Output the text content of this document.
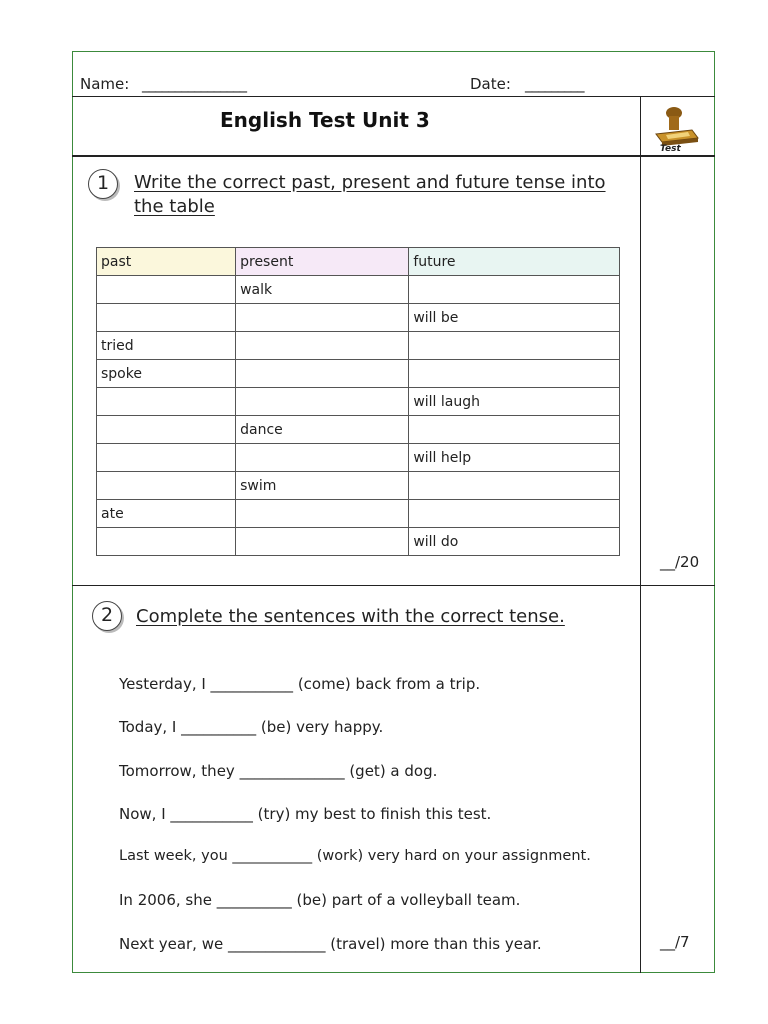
Name: ________________	Date: _________
English Test Unit 3
Test
1	Write the correct past, present and future tense into the table
past	present	future
	walk	
		will be
tried		
spoke		
		will laugh
	dance	
		will help
	swim	
ate		
		will do
__/20
2	Complete the sentences with the correct tense.
Yesterday, I ___________ (come) back from a trip.
Today, I __________ (be) very happy.
Tomorrow, they ______________ (get) a dog.
Now, I ___________ (try) my best to finish this test.
Last week, you ___________ (work) very hard on your assignment.
In 2006, she __________ (be) part of a volleyball team.
Next year, we _____________ (travel) more than this year.	__/7
